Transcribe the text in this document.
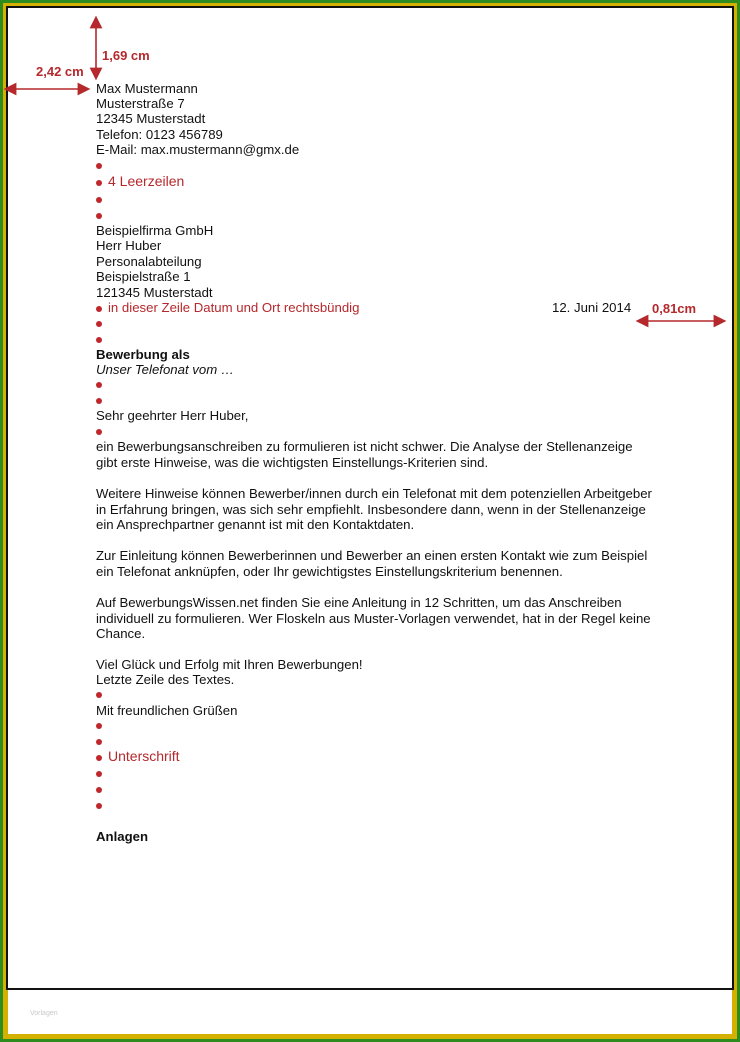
Vorlagen
1,69 cm
2,42 cm
0,81cm
Max Mustermann
Musterstraße 7
12345 Musterstadt
Telefon: 0123 456789
E-Mail: max.mustermann@gmx.de
4 Leerzeilen
Beispielfirma GmbH
Herr Huber
Personalabteilung
Beispielstraße 1
121345 Musterstadt
in dieser Zeile Datum und Ort rechtsbündig	12. Juni 2014
Bewerbung als
Unser Telefonat vom …
Sehr geehrter Herr Huber,
ein Bewerbungsanschreiben zu formulieren ist nicht schwer. Die Analyse der Stellenanzeige gibt erste Hinweise, was die wichtigsten Einstellungs-Kriterien sind.
Weitere Hinweise können Bewerber/innen durch ein Telefonat mit dem potenziellen Arbeitgeber in Erfahrung bringen, was sich sehr empfiehlt. Insbesondere dann, wenn in der Stellenanzeige ein Ansprechpartner genannt ist mit den Kontaktdaten.
Zur Einleitung können Bewerberinnen und Bewerber an einen ersten Kontakt wie zum Beispiel ein Telefonat anknüpfen, oder Ihr gewichtigstes Einstellungskriterium benennen.
Auf BewerbungsWissen.net finden Sie eine Anleitung in 12 Schritten, um das Anschreiben individuell zu formulieren. Wer Floskeln aus Muster-Vorlagen verwendet, hat in der Regel keine Chance.
Viel Glück und Erfolg mit Ihren Bewerbungen!
Letzte Zeile des Textes.
Mit freundlichen Grüßen
Unterschrift
Anlagen
